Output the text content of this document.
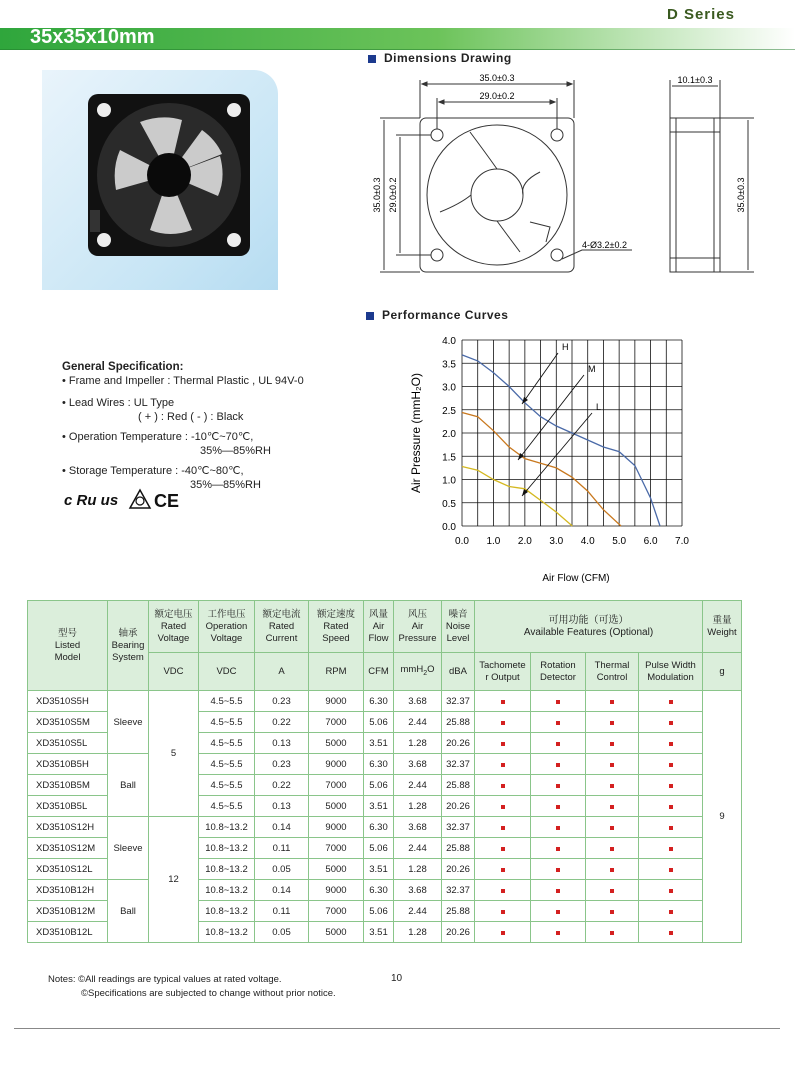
D Series
35x35x10mm
Dimensions Drawing
35.0±0.3
29.0±0.2
35.0±0.3 29.0±0.2
4-Ø3.2±0.2
10.1±0.3
35.0±0.3
Performance Curves
0.0 1.0 2.0 3.0 4.0 5.0 6.0 7.0
0.0
0.5
1.0
1.5
2.0
2.5
3.0
3.5
4.0
Air Pressure (mmH₂O)
Air Flow (CFM)
H
M
L
General Specification:
• Frame and Impeller : Thermal Plastic , UL 94V-0
• Lead Wires : UL Type
( + ) : Red ( - ) : Black
• Operation Temperature : -10℃~70℃,
35%—85%RH
• Storage Temperature : -40℃~80℃,
35%—85%RH
c Ru us CE
型号
Listed
Model	轴承
Bearing
System	额定电压
Rated
Voltage	工作电压
Operation
Voltage	额定电流
Rated
Current	额定速度
Rated
Speed	风量
Air
Flow	风压
Air
Pressure	噪音
Noise
Level	可用功能（可选）
Available Features (Optional)				重量
Weight
		VDC	VDC	A	RPM	CFM	mmH$_2$O	dBA	Tachomete
r Output	Rotation
Detector	Thermal
Control	Pulse Width
Modulation	g
XD3510S5H	Sleeve	5	4.5~5.5	0.23	9000	6.30	3.68	32.37					9
XD3510S5M			4.5~5.5	0.22	7000	5.06	2.44	25.88					
XD3510S5L			4.5~5.5	0.13	5000	3.51	1.28	20.26					
XD3510B5H	Ball		4.5~5.5	0.23	9000	6.30	3.68	32.37					
XD3510B5M			4.5~5.5	0.22	7000	5.06	2.44	25.88					
XD3510B5L			4.5~5.5	0.13	5000	3.51	1.28	20.26					
XD3510S12H	Sleeve	12	10.8~13.2	0.14	9000	6.30	3.68	32.37					
XD3510S12M			10.8~13.2	0.11	7000	5.06	2.44	25.88					
XD3510S12L			10.8~13.2	0.05	5000	3.51	1.28	20.26					
XD3510B12H	Ball		10.8~13.2	0.14	9000	6.30	3.68	32.37					
XD3510B12M			10.8~13.2	0.11	7000	5.06	2.44	25.88					
XD3510B12L			10.8~13.2	0.05	5000	3.51	1.28	20.26					
Notes: ©All readings are typical values at rated voltage.
©Specifications are subjected to change without prior notice.
10
